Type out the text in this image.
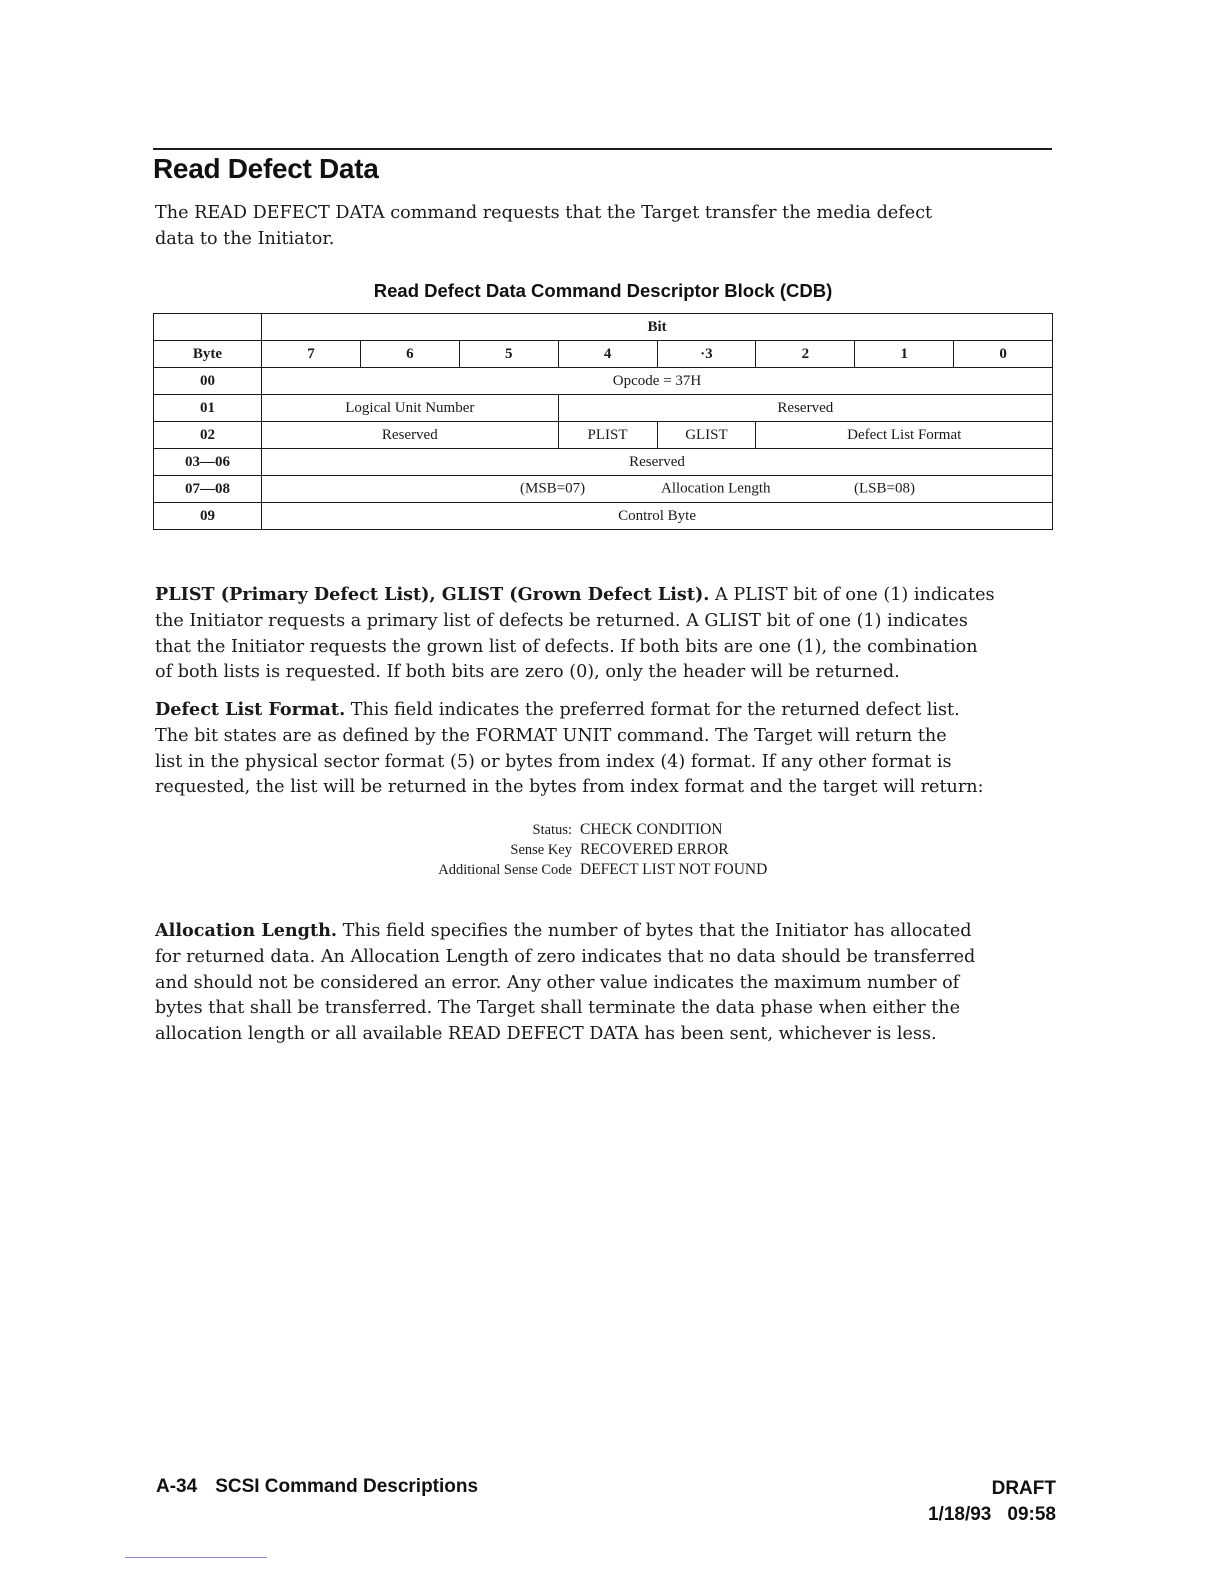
Read Defect Data
The READ DEFECT DATA command requests that the Target transfer the media defect
data to the Initiator.
Read Defect Data Command Descriptor Block (CDB)
	Bit							
Byte	7	6	5	4	·3	2	1	0
00	Opcode = 37H							
01	Logical Unit Number			Reserved				
02	Reserved			PLIST	GLIST	Defect List Format		
03—06	Reserved							
07—08	(MSB=07) Allocation Length (LSB=08)							

09	Control Byte							
PLIST (Primary Defect List), GLIST (Grown Defect List). A PLIST bit of one (1) indicates
the Initiator requests a primary list of defects be returned. A GLIST bit of one (1) indicates
that the Initiator requests the grown list of defects. If both bits are one (1), the combination
of both lists is requested. If both bits are zero (0), only the header will be returned.
Defect List Format. This field indicates the preferred format for the returned defect list.
The bit states are as defined by the FORMAT UNIT command. The Target will return the
list in the physical sector format (5) or bytes from index (4) format. If any other format is
requested, the list will be returned in the bytes from index format and the target will return:
Status: CHECK CONDITION
Sense Key RECOVERED ERROR
Additional Sense Code DEFECT LIST NOT FOUND
Allocation Length. This field specifies the number of bytes that the Initiator has allocated
for returned data. An Allocation Length of zero indicates that no data should be transferred
and should not be considered an error. Any other value indicates the maximum number of
bytes that shall be transferred. The Target shall terminate the data phase when either the
allocation length or all available READ DEFECT DATA has been sent, whichever is less.
A-34 SCSI Command Descriptions	DRAFT
1/18/93 09:58
